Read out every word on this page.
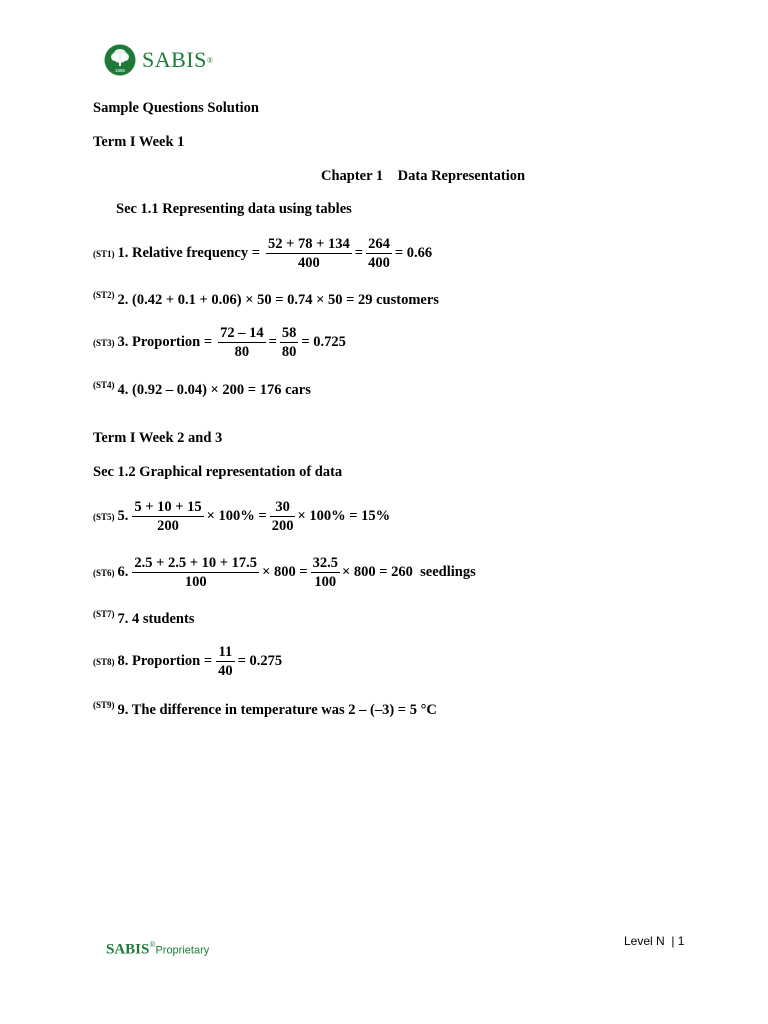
1886 SABIS ®
Sample Questions Solution
Term I Week 1
Chapter 1    Data Representation
Sec 1.1 Representing data using tables
(ST1) 1. Relative frequency = $\frac{52 + 78 + 134}{400} = \frac{264}{400} = 0.66$
$^{(ST2)}$ 2. (0.42 + 0.1 + 0.06) × 50 = 0.74 × 50 = 29 customers
(ST3) 3. Proportion = $\frac{72 - 14}{80} = \frac{58}{80} = 0.725$
$^{(ST4)}$ 4. (0.92 – 0.04) × 200 = 176 cars
Term I Week 2 and 3
Sec 1.2 Graphical representation of data
(ST5) 5. $\frac{5 + 10 + 15}{200} \times 100\% = \frac{30}{200} \times 100\% = 15\%$
(ST6) 6. $\frac{2.5 + 2.5 + 10 + 17.5}{100} \times 800 = \frac{32.5}{100} \times 800 = 260$  seedlings
$^{(ST7)}$ 7. 4 students
(ST8) 8. Proportion = $\frac{11}{40} = 0.275$
$^{(ST9)}$ 9. The difference in temperature was 2 – (–3) = 5 °C
SABIS®Proprietary
Level N  | 1
